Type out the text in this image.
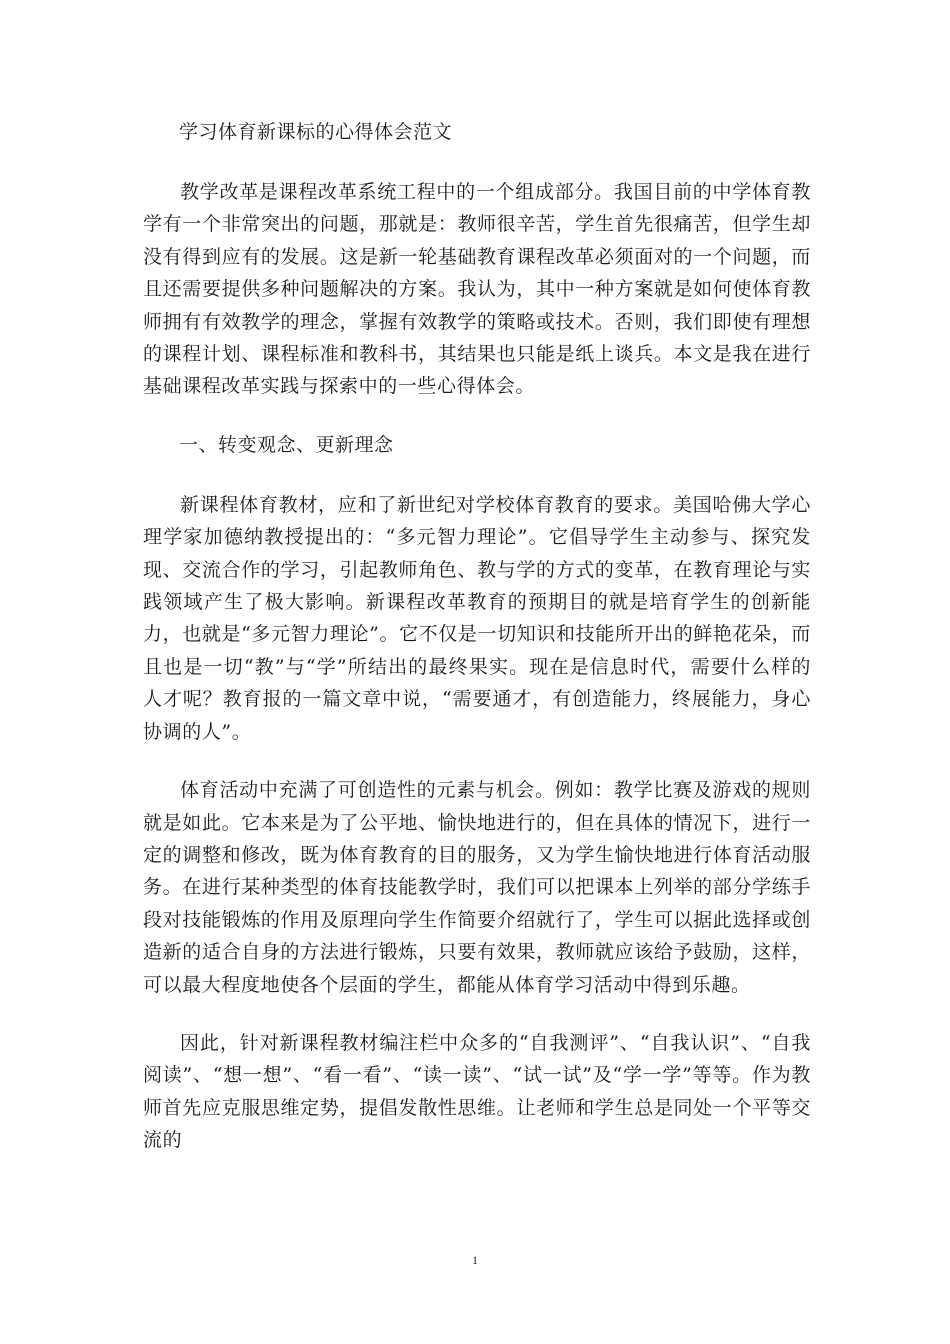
学习体育新课标的心得体会范文

教学改革是课程改革系统工程中的一个组成部分。我国目前的中学体育教学有一个非常突出的问题，那就是：教师很辛苦，学生首先很痛苦，但学生却没有得到应有的发展。这是新一轮基础教育课程改革必须面对的一个问题，而且还需要提供多种问题解决的方案。我认为，其中一种方案就是如何使体育教师拥有有效教学的理念，掌握有效教学的策略或技术。否则，我们即使有理想的课程计划、课程标准和教科书，其结果也只能是纸上谈兵。本文是我在进行基础课程改革实践与探索中的一些心得体会。

一、转变观念、更新理念

新课程体育教材，应和了新世纪对学校体育教育的要求。美国哈佛大学心理学家加德纳教授提出的：“多元智力理论”。它倡导学生主动参与、探究发现、交流合作的学习，引起教师角色、教与学的方式的变革，在教育理论与实践领域产生了极大影响。新课程改革教育的预期目的就是培育学生的创新能力，也就是“多元智力理论”。它不仅是一切知识和技能所开出的鲜艳花朵，而且也是一切“教”与“学”所结出的最终果实。现在是信息时代，需要什么样的人才呢？教育报的一篇文章中说，“需要通才，有创造能力，终展能力，身心协调的人”。

体育活动中充满了可创造性的元素与机会。例如：教学比赛及游戏的规则就是如此。它本来是为了公平地、愉快地进行的，但在具体的情况下，进行一定的调整和修改，既为体育教育的目的服务，又为学生愉快地进行体育活动服务。在进行某种类型的体育技能教学时，我们可以把课本上列举的部分学练手段对技能锻炼的作用及原理向学生作简要介绍就行了，学生可以据此选择或创造新的适合自身的方法进行锻炼，只要有效果，教师就应该给予鼓励，这样，可以最大程度地使各个层面的学生，都能从体育学习活动中得到乐趣。

因此，针对新课程教材编注栏中众多的“自我测评”、“自我认识”、“自我阅读”、“想一想”、“看一看”、“读一读”、“试一试”及“学一学”等等。作为教师首先应克服思维定势，提倡发散性思维。让老师和学生总是同处一个平等交流的

1
